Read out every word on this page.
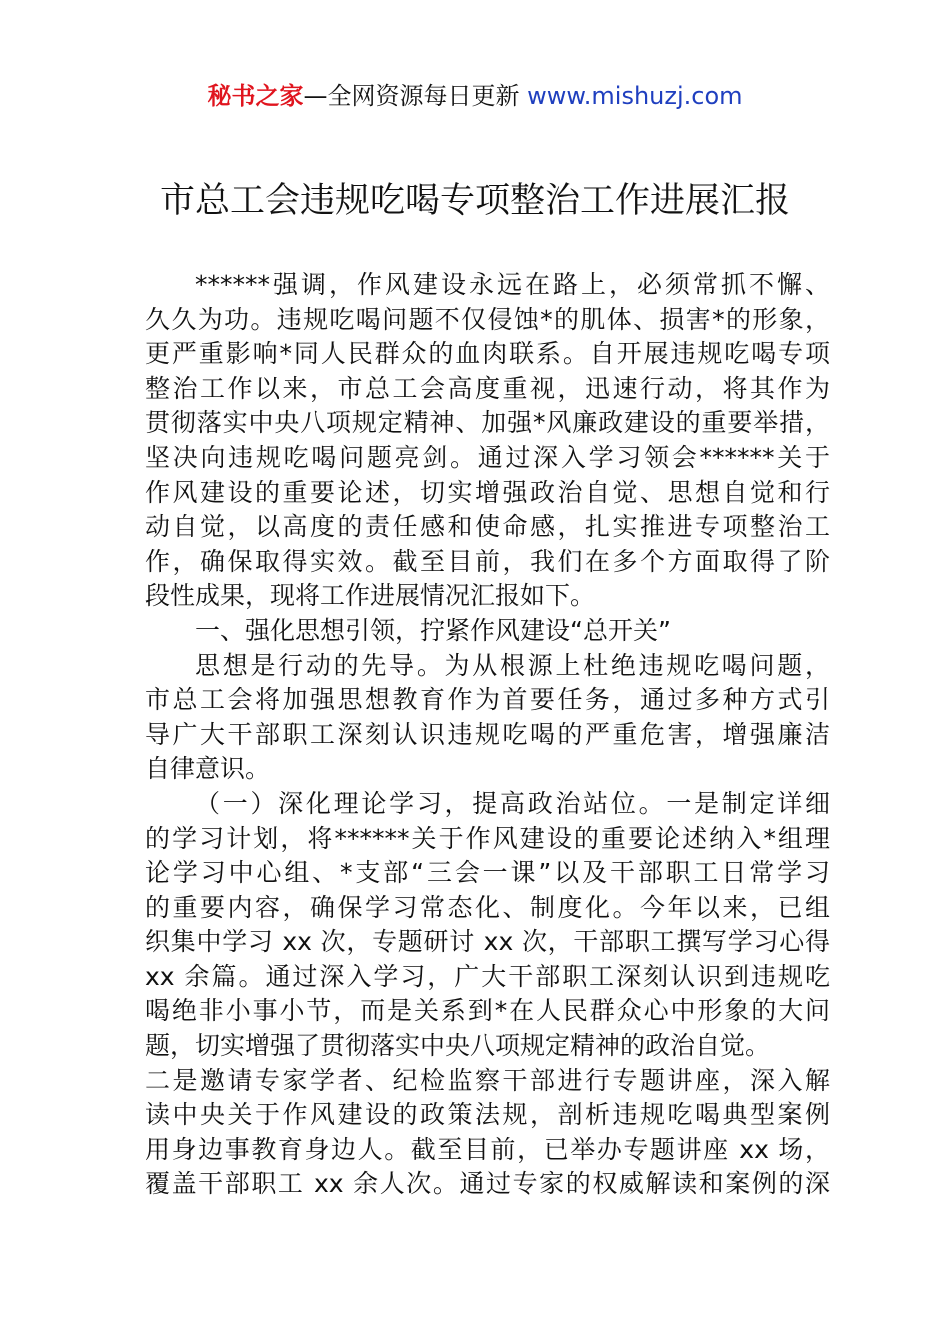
秘书之家—全网资源每日更新 www.mishuzj.com
市总工会违规吃喝专项整治工作进展汇报
******强调，作风建设永远在路上，必须常抓不懈、
久久为功。违规吃喝问题不仅侵蚀*的肌体、损害*的形象，
更严重影响*同人民群众的血肉联系。自开展违规吃喝专项
整治工作以来，市总工会高度重视，迅速行动，将其作为
贯彻落实中央八项规定精神、加强*风廉政建设的重要举措，
坚决向违规吃喝问题亮剑。通过深入学习领会******关于
作风建设的重要论述，切实增强政治自觉、思想自觉和行
动自觉，以高度的责任感和使命感，扎实推进专项整治工
作，确保取得实效。截至目前，我们在多个方面取得了阶
段性成果，现将工作进展情况汇报如下。
一、强化思想引领，拧紧作风建设“总开关”
思想是行动的先导。为从根源上杜绝违规吃喝问题，
市总工会将加强思想教育作为首要任务，通过多种方式引
导广大干部职工深刻认识违规吃喝的严重危害，增强廉洁
自律意识。
（一）深化理论学习，提高政治站位。一是制定详细
的学习计划，将******关于作风建设的重要论述纳入*组理
论学习中心组、*支部“三会一课”以及干部职工日常学习
的重要内容，确保学习常态化、制度化。今年以来，已组
织集中学习 xx 次，专题研讨 xx 次，干部职工撰写学习心得
xx 余篇。通过深入学习，广大干部职工深刻认识到违规吃
喝绝非小事小节，而是关系到*在人民群众心中形象的大问
题，切实增强了贯彻落实中央八项规定精神的政治自觉。
二是邀请专家学者、纪检监察干部进行专题讲座，深入解
读中央关于作风建设的政策法规，剖析违规吃喝典型案例
用身边事教育身边人。截至目前，已举办专题讲座 xx 场，
覆盖干部职工 xx 余人次。通过专家的权威解读和案例的深
